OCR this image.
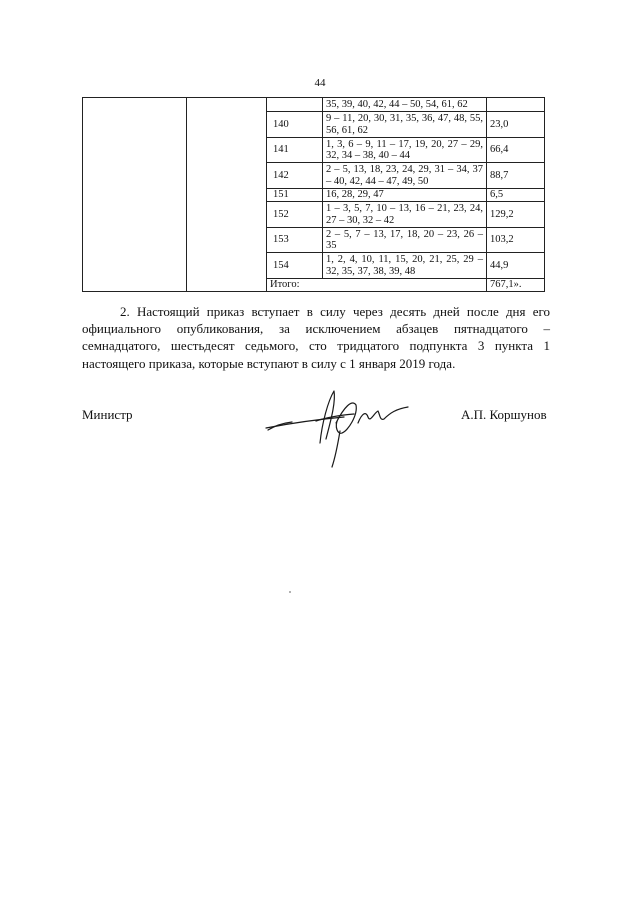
44
			35, 39, 40, 42, 44 – 50, 54, 61, 62	
		140	9 – 11, 20, 30, 31, 35, 36, 47, 48, 55, 56, 61, 62	23,0
		141	1, 3, 6 – 9, 11 – 17, 19, 20, 27 – 29, 32, 34 – 38, 40 – 44	66,4
		142	2 – 5, 13, 18, 23, 24, 29, 31 – 34, 37 – 40, 42, 44 – 47, 49, 50	88,7
		151	16, 28, 29, 47	6,5
		152	1 – 3, 5, 7, 10 – 13, 16 – 21, 23, 24, 27 – 30, 32 – 42	129,2
		153	2 – 5, 7 – 13, 17, 18, 20 – 23, 26 – 35	103,2
		154	1, 2, 4, 10, 11, 15, 20, 21, 25, 29 – 32, 35, 37, 38, 39, 48	44,9
		Итого:		767,1».
2. Настоящий приказ вступает в силу через десять дней после дня его официального опубликования, за исключением абзацев пятнадцатого – семнадцатого, шестьдесят седьмого, сто тридцатого подпункта 3 пункта 1 настоящего приказа, которые вступают в силу с 1 января 2019 года.
Министр	А.П. Коршунов
